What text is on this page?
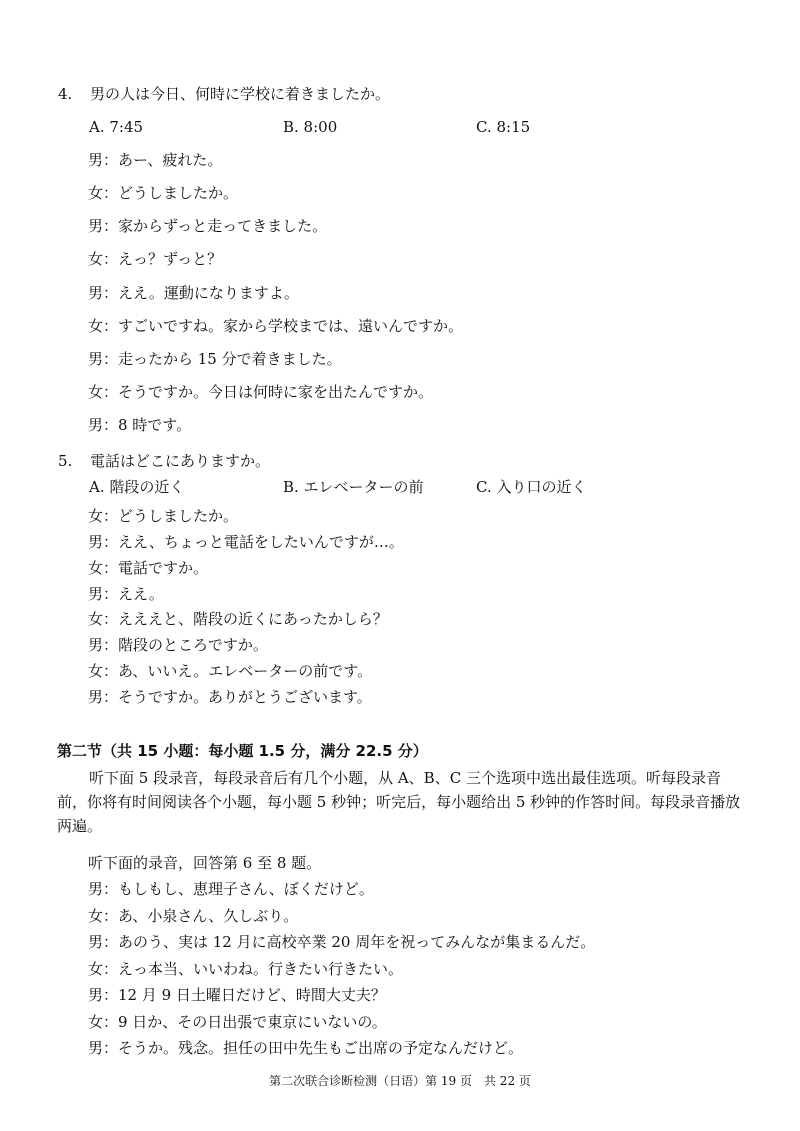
4. 男の人は今日、何時に学校に着きましたか。
A. 7:45	B. 8:00	C. 8:15
男：あー、疲れた。
女：どうしましたか。
男：家からずっと走ってきました。
女：えっ？ずっと？
男：ええ。運動になりますよ。
女：すごいですね。家から学校までは、遠いんですか。
男：走ったから 15 分で着きました。
女：そうですか。今日は何時に家を出たんですか。
男：8 時です。
5. 電話はどこにありますか。
A. 階段の近く	B. エレベーターの前	C. 入り口の近く
女：どうしましたか。
男：ええ、ちょっと電話をしたいんですが…。
女：電話ですか。
男：ええ。
女：えええと、階段の近くにあったかしら？
男：階段のところですか。
女：あ、いいえ。エレベーターの前です。
男：そうですか。ありがとうございます。
第二节（共 15 小题：每小题 1.5 分，满分 22.5 分）
听下面 5 段录音，每段录音后有几个小题，从 A、B、C 三个选项中选出最佳选项。听每段录音前，你将有时间阅读各个小题，每小题 5 秒钟；听完后，每小题给出 5 秒钟的作答时间。每段录音播放两遍。
听下面的录音，回答第 6 至 8 题。
男：もしもし、恵理子さん、ぼくだけど。
女：あ、小泉さん、久しぶり。
男：あのう、実は 12 月に高校卒業 20 周年を祝ってみんなが集まるんだ。
女：えっ本当、いいわね。行きたい行きたい。
男：12 月 9 日土曜日だけど、時間大丈夫？
女：9 日か、その日出張で東京にいないの。
男：そうか。残念。担任の田中先生もご出席の予定なんだけど。
第二次联合诊断检测（日语）第 19 页　共 22 页
